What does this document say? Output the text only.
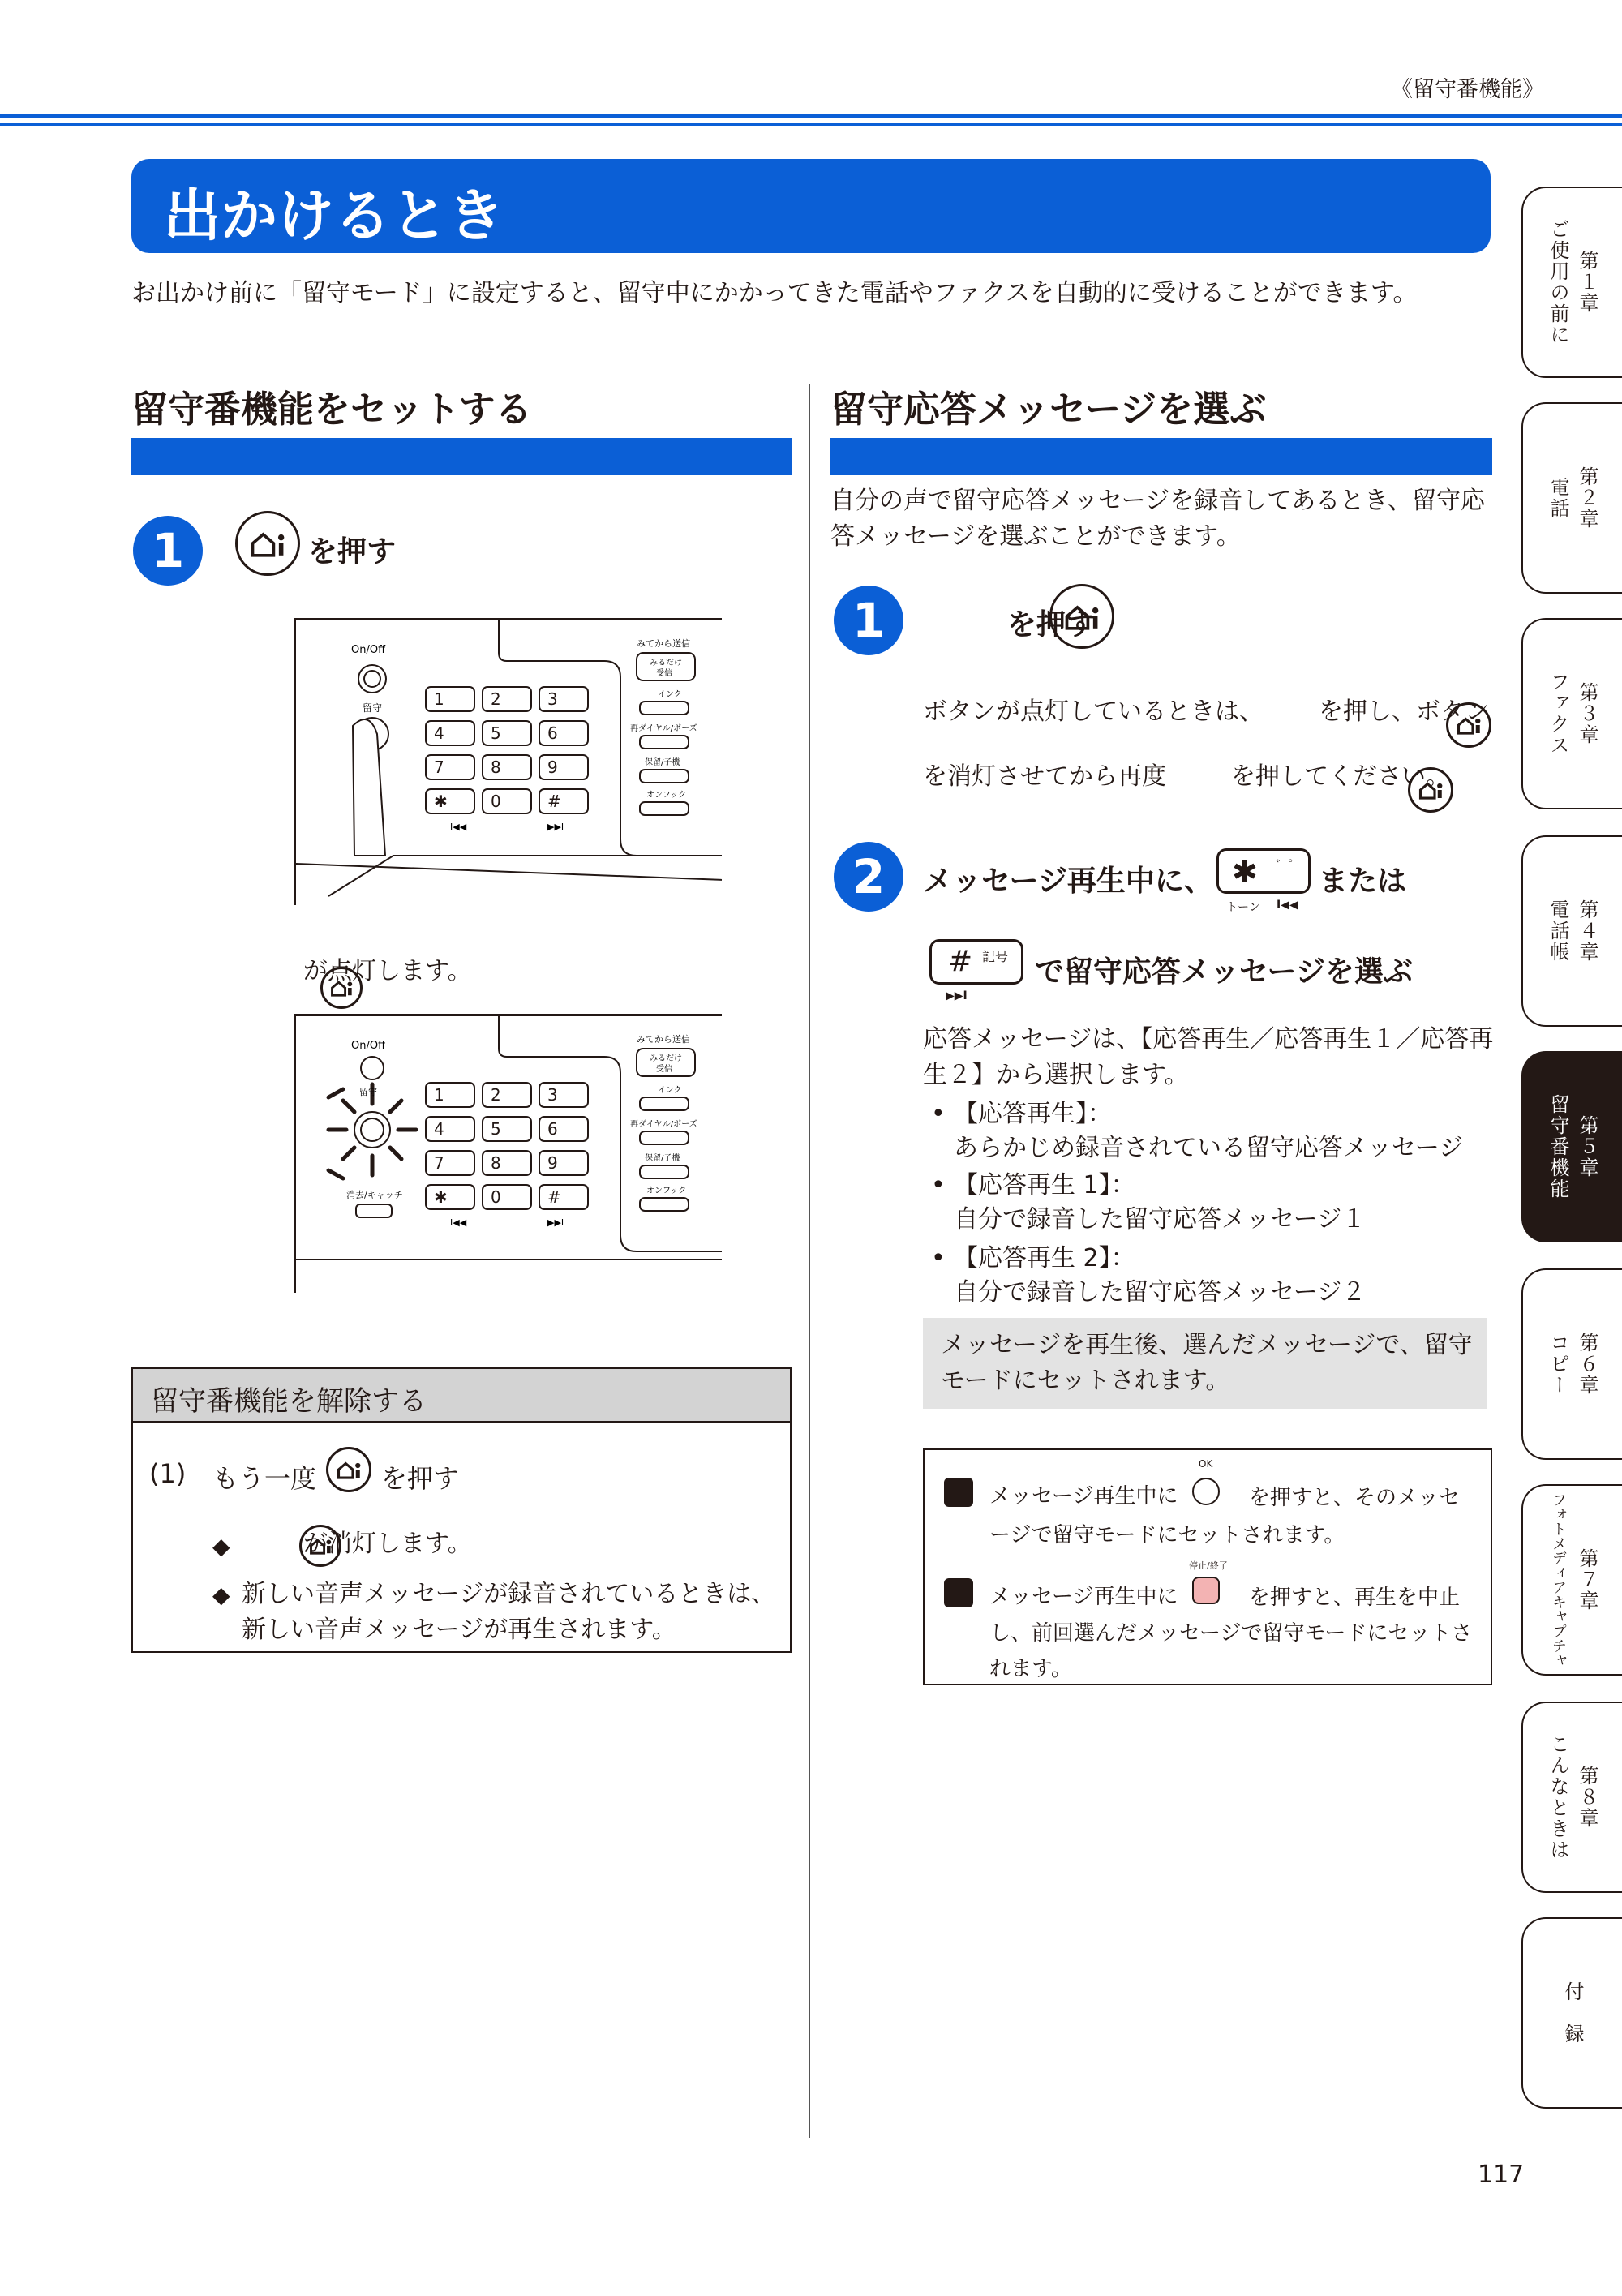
《留守番機能》
出かけるとき
お出かけ前に「留守モード」に設定すると、留守中にかかってきた電話やファクスを自動的に受けることができます。
留守番機能をセットする
1
	を押す
On/Off
留守
みてから送信
みるだけ
受信
インク
再ダイヤル/ポーズ
保留/子機
オンフック
1	2	3
4	5	6
7	8	9
✱	0	#
I◀◀	▶▶I

が点灯します。
On/Off
留守
消去/キャッチ
みてから送信
みるだけ
受信
インク
再ダイヤル/ポーズ
保留/子機
オンフック
1	2	3
4	5	6
7	8	9
✱	0	#
I◀◀	▶▶I
留守番機能を解除する
(1) もう一度
を押す
◆	が消灯します。
◆ 新しい音声メッセージが録音されているときは、新しい音声メッセージが再生されます。
留守応答メッセージを選ぶ
自分の声で留守応答メッセージを録音してあるとき、留守応答メッセージを選ぶことができます。
1
	を押す
ボタンが点灯しているときは、
を押し、ボタン
を消灯させてから再度	を押してください。
2	メッセージ再生中に、 ✱ ゛゜
トーン I◀◀
または
# 記号
▶▶I
で留守応答メッセージを選ぶ
応答メッセージは、【応答再生／応答再生１／応答再生２】から選択します。
• 【応答再生】：
あらかじめ録音されている留守応答メッセージ
• 【応答再生 1】：
自分で録音した留守応答メッセージ１
• 【応答再生 2】：
自分で録音した留守応答メッセージ２
メッセージを再生後、選んだメッセージで、留守モードにセットされます。
メッセージ再生中に
OK
を押すと、そのメッセージで留守モードにセットされます。
メッセージ再生中に
停止/終了
を押すと、再生を中止し、前回選んだメッセージで留守モードにセットされます。
第１章
ご使用の前に
第２章
電話
第３章
ファクス
第４章
電話帳
第５章
留守番機能
第６章
コピー
第７章
フォトメディアキャプチャ
第８章
こんなときは
付　録
117
